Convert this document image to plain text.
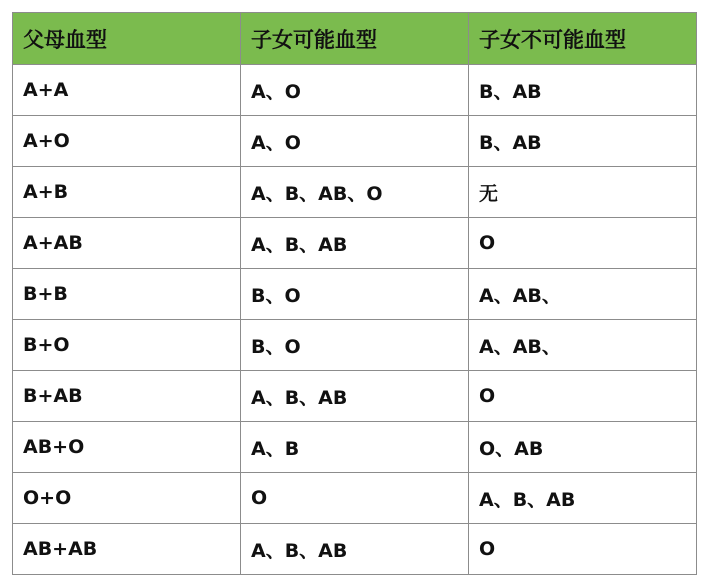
父母血型	子女可能血型	子女不可能血型
A+A	A、O	B、AB
A+O	A、O	B、AB
A+B	A、B、AB、O	无
A+AB	A、B、AB	O
B+B	B、O	A、AB、
B+O	B、O	A、AB、
B+AB	A、B、AB	O
AB+O	A、B	O、AB
O+O	O	A、B、AB
AB+AB	A、B、AB	O
